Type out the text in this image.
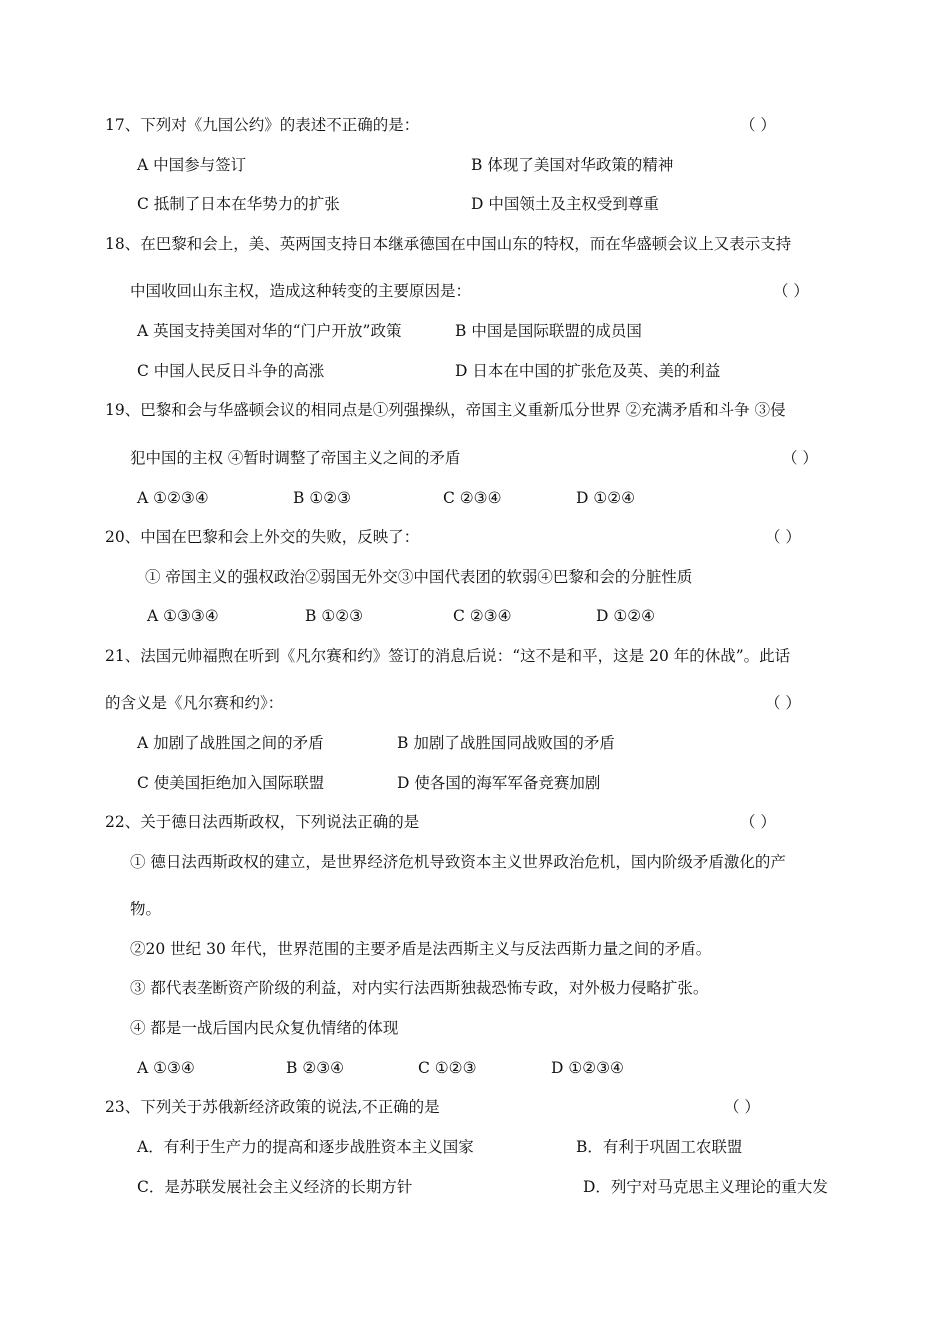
17、下列对《九国公约》的表述不正确的是：	（ ）
A 中国参与签订	B 体现了美国对华政策的精神
C 抵制了日本在华势力的扩张	D 中国领土及主权受到尊重
18、在巴黎和会上，美、英两国支持日本继承德国在中国山东的特权，而在华盛顿会议上又表示支持
中国收回山东主权，造成这种转变的主要原因是：	（ ）
A 英国支持美国对华的“门户开放”政策	B 中国是国际联盟的成员国
C 中国人民反日斗争的高涨	D 日本在中国的扩张危及英、美的利益
19、巴黎和会与华盛顿会议的相同点是①列强操纵，帝国主义重新瓜分世界 ②充满矛盾和斗争 ③侵
犯中国的主权 ④暂时调整了帝国主义之间的矛盾	（ ）
A ①②③④	B ①②③	C ②③④	D ①②④
20、中国在巴黎和会上外交的失败，反映了：	（ ）
① 帝国主义的强权政治②弱国无外交③中国代表团的软弱④巴黎和会的分脏性质
A ①③③④	B ①②③	C ②③④	D ①②④
21、法国元帅福煦在听到《凡尔赛和约》签订的消息后说：“这不是和平，这是 20 年的休战”。此话
的含义是《凡尔赛和约》：	（ ）
A 加剧了战胜国之间的矛盾	B 加剧了战胜国同战败国的矛盾
C 使美国拒绝加入国际联盟	D 使各国的海军军备竞赛加剧
22、关于德日法西斯政权，下列说法正确的是	（ ）
① 德日法西斯政权的建立，是世界经济危机导致资本主义世界政治危机，国内阶级矛盾激化的产
物。
②20 世纪 30 年代，世界范围的主要矛盾是法西斯主义与反法西斯力量之间的矛盾。
③ 都代表垄断资产阶级的利益，对内实行法西斯独裁恐怖专政，对外极力侵略扩张。
④ 都是一战后国内民众复仇情绪的体现
A ①③④	B ②③④	C ①②③	D ①②③④
23、下列关于苏俄新经济政策的说法,不正确的是	（ ）
A．有利于生产力的提高和逐步战胜资本主义国家	B．有利于巩固工农联盟
C．是苏联发展社会主义经济的长期方针	D．列宁对马克思主义理论的重大发
